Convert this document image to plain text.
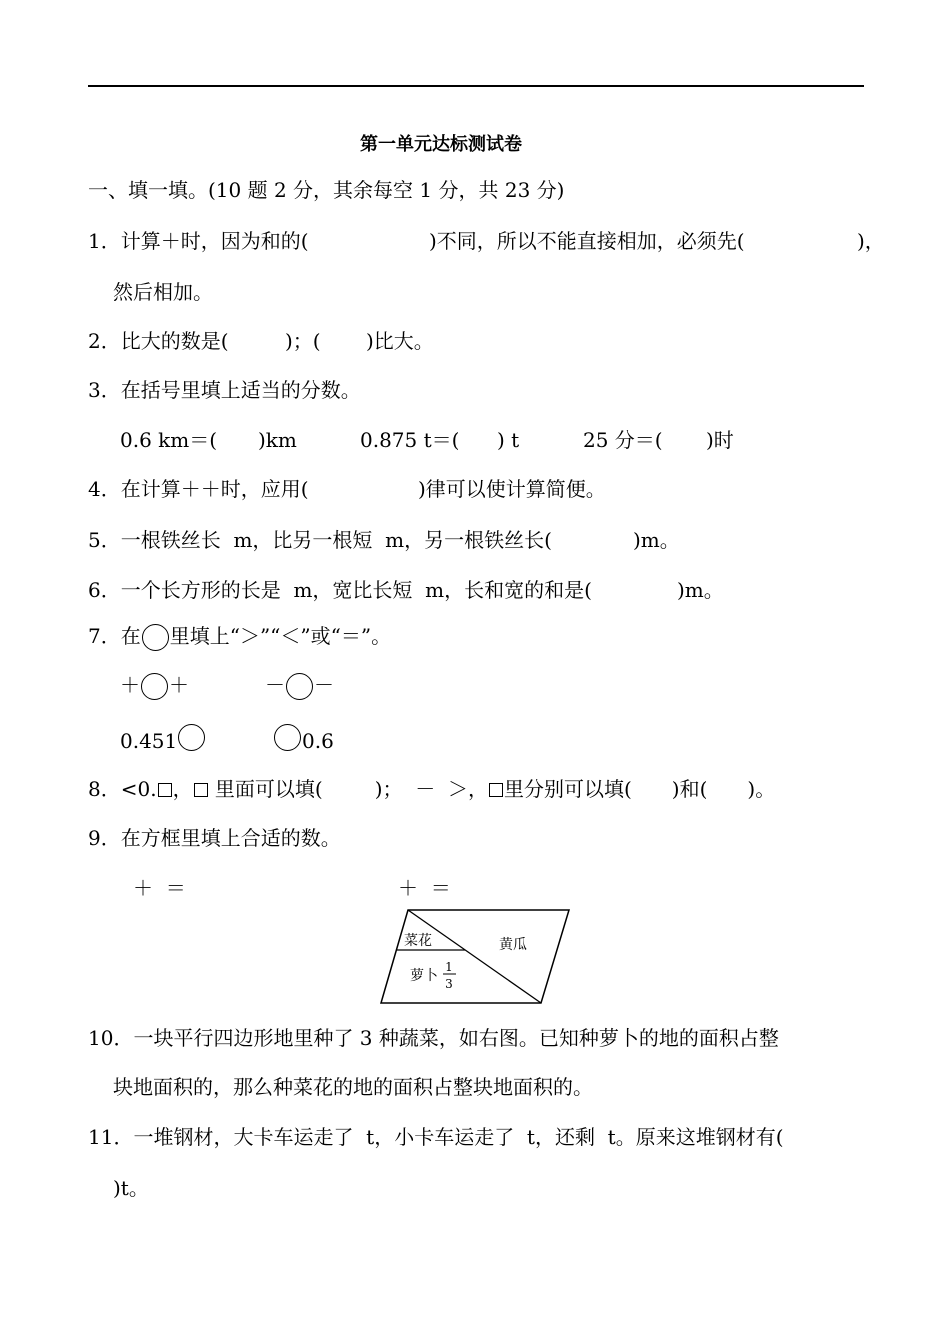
第一单元达标测试卷
一、填一填。(10 题 2 分，其余每空 1 分，共 23 分)
1．计算＋时，因为和的(	)不同，所以不能直接相加，必须先(	)，
然后相加。
2．比大的数是(	)；( )比大。
3．在括号里填上适当的分数。
0.6 km＝( )km	0.875 t＝( ) t	25 分＝( )时
4．在计算＋＋时，应用(	)律可以使计算简便。
5．一根铁丝长  m，比另一根短  m，另一根铁丝长(	)m。
6．一个长方形的长是  m，宽比长短  m，长和宽的和是(	)m。
7．在 里填上“＞”“＜”或“＝”。
＋ ＋	－ －
0.451	0.6
8．<0. ， 里面可以填(	)；  －  ＞， 里分别可以填( )和( )。
9．在方框里填上合适的数。
＋  ＝	＋  ＝
菜花	黄瓜
萝卜
1
3
10．一块平行四边形地里种了 3 种蔬菜，如右图。已知种萝卜的地的面积占整
块地面积的，那么种菜花的地的面积占整块地面积的。
11．一堆钢材，大卡车运走了  t，小卡车运走了  t，还剩  t。原来这堆钢材有(
)t。
